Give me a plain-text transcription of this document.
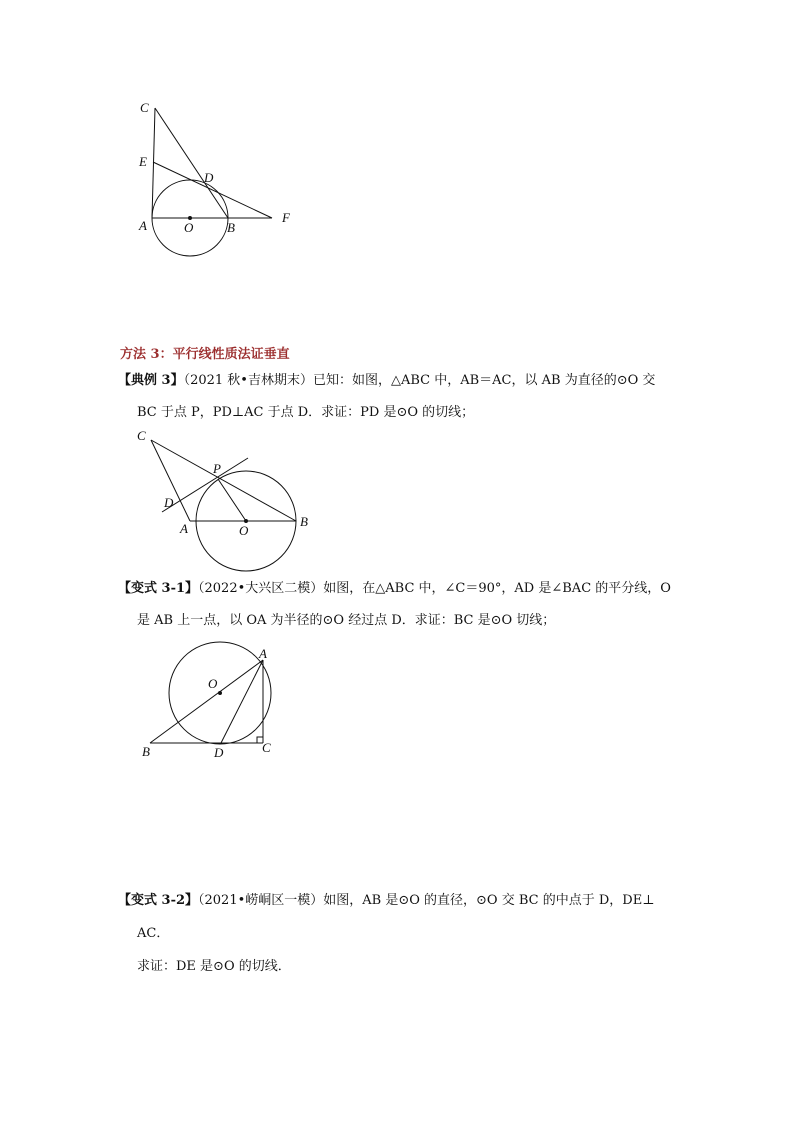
C
E
D
A	O	B
F
方法 3：平行线性质法证垂直
【典例 3】（2021 秋•吉林期末）已知：如图，△ABC 中，AB＝AC，以 AB 为直径的⊙O 交
BC 于点 P，PD⊥AC 于点 D．求证：PD 是⊙O 的切线；
C
P
D
A	O
B
【变式 3-1】（2022•大兴区二模）如图，在△ABC 中，∠C＝90°，AD 是∠BAC 的平分线，O
是 AB 上一点，以 OA 为半径的⊙O 经过点 D．求证：BC 是⊙O 切线；
A
O
B	D	C
【变式 3-2】（2021•崂峒区一模）如图，AB 是⊙O 的直径，⊙O 交 BC 的中点于 D，DE⊥
AC．
求证：DE 是⊙O 的切线．
